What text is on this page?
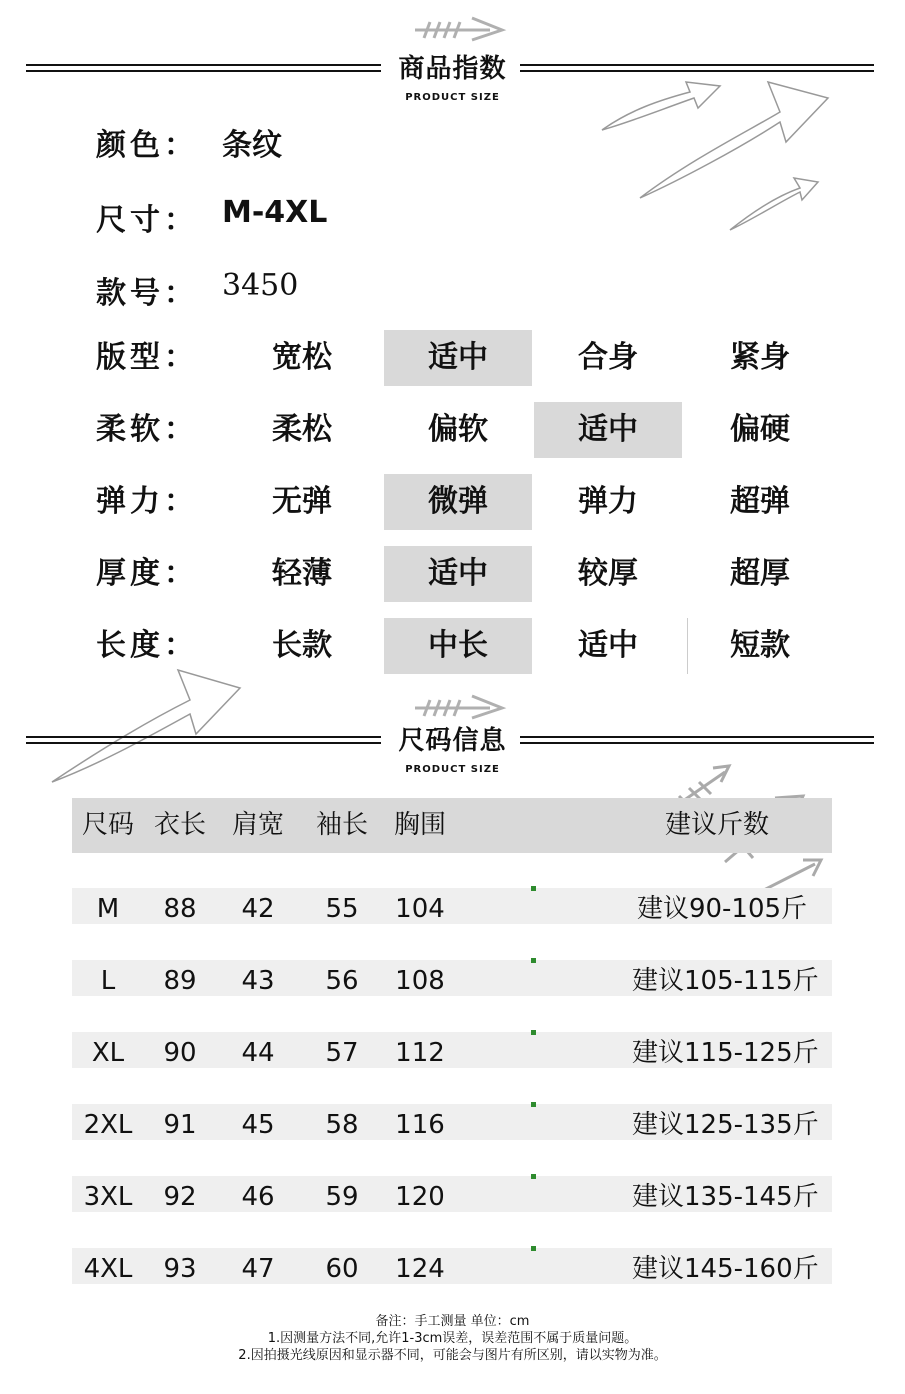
商品指数
PRODUCT SIZE
颜色： 条纹
尺寸： M-4XL
款号： 3450
版型：	宽松	适中	合身	紧身
柔软：	柔松	偏软	适中	偏硬
弹力：	无弹	微弹	弹力	超弹
厚度：	轻薄	适中	较厚	超厚
长度：	长款	中长	适中	短款
尺码信息
PRODUCT SIZE
尺码 衣长 肩宽 袖长 胸围	建议斤数
M	88	42	55	104	建议90-105斤
L	89	43	56	108	建议105-115斤
XL	90	44	57	112	建议115-125斤
2XL	91	45	58	116	建议125-135斤
3XL	92	46	59	120	建议135-145斤
4XL	93	47	60	124	建议145-160斤
备注：手工测量 单位：cm
1.因测量方法不同,允许1-3cm误差，误差范围不属于质量问题。
2.因拍摄光线原因和显示器不同，可能会与图片有所区别，请以实物为准。
